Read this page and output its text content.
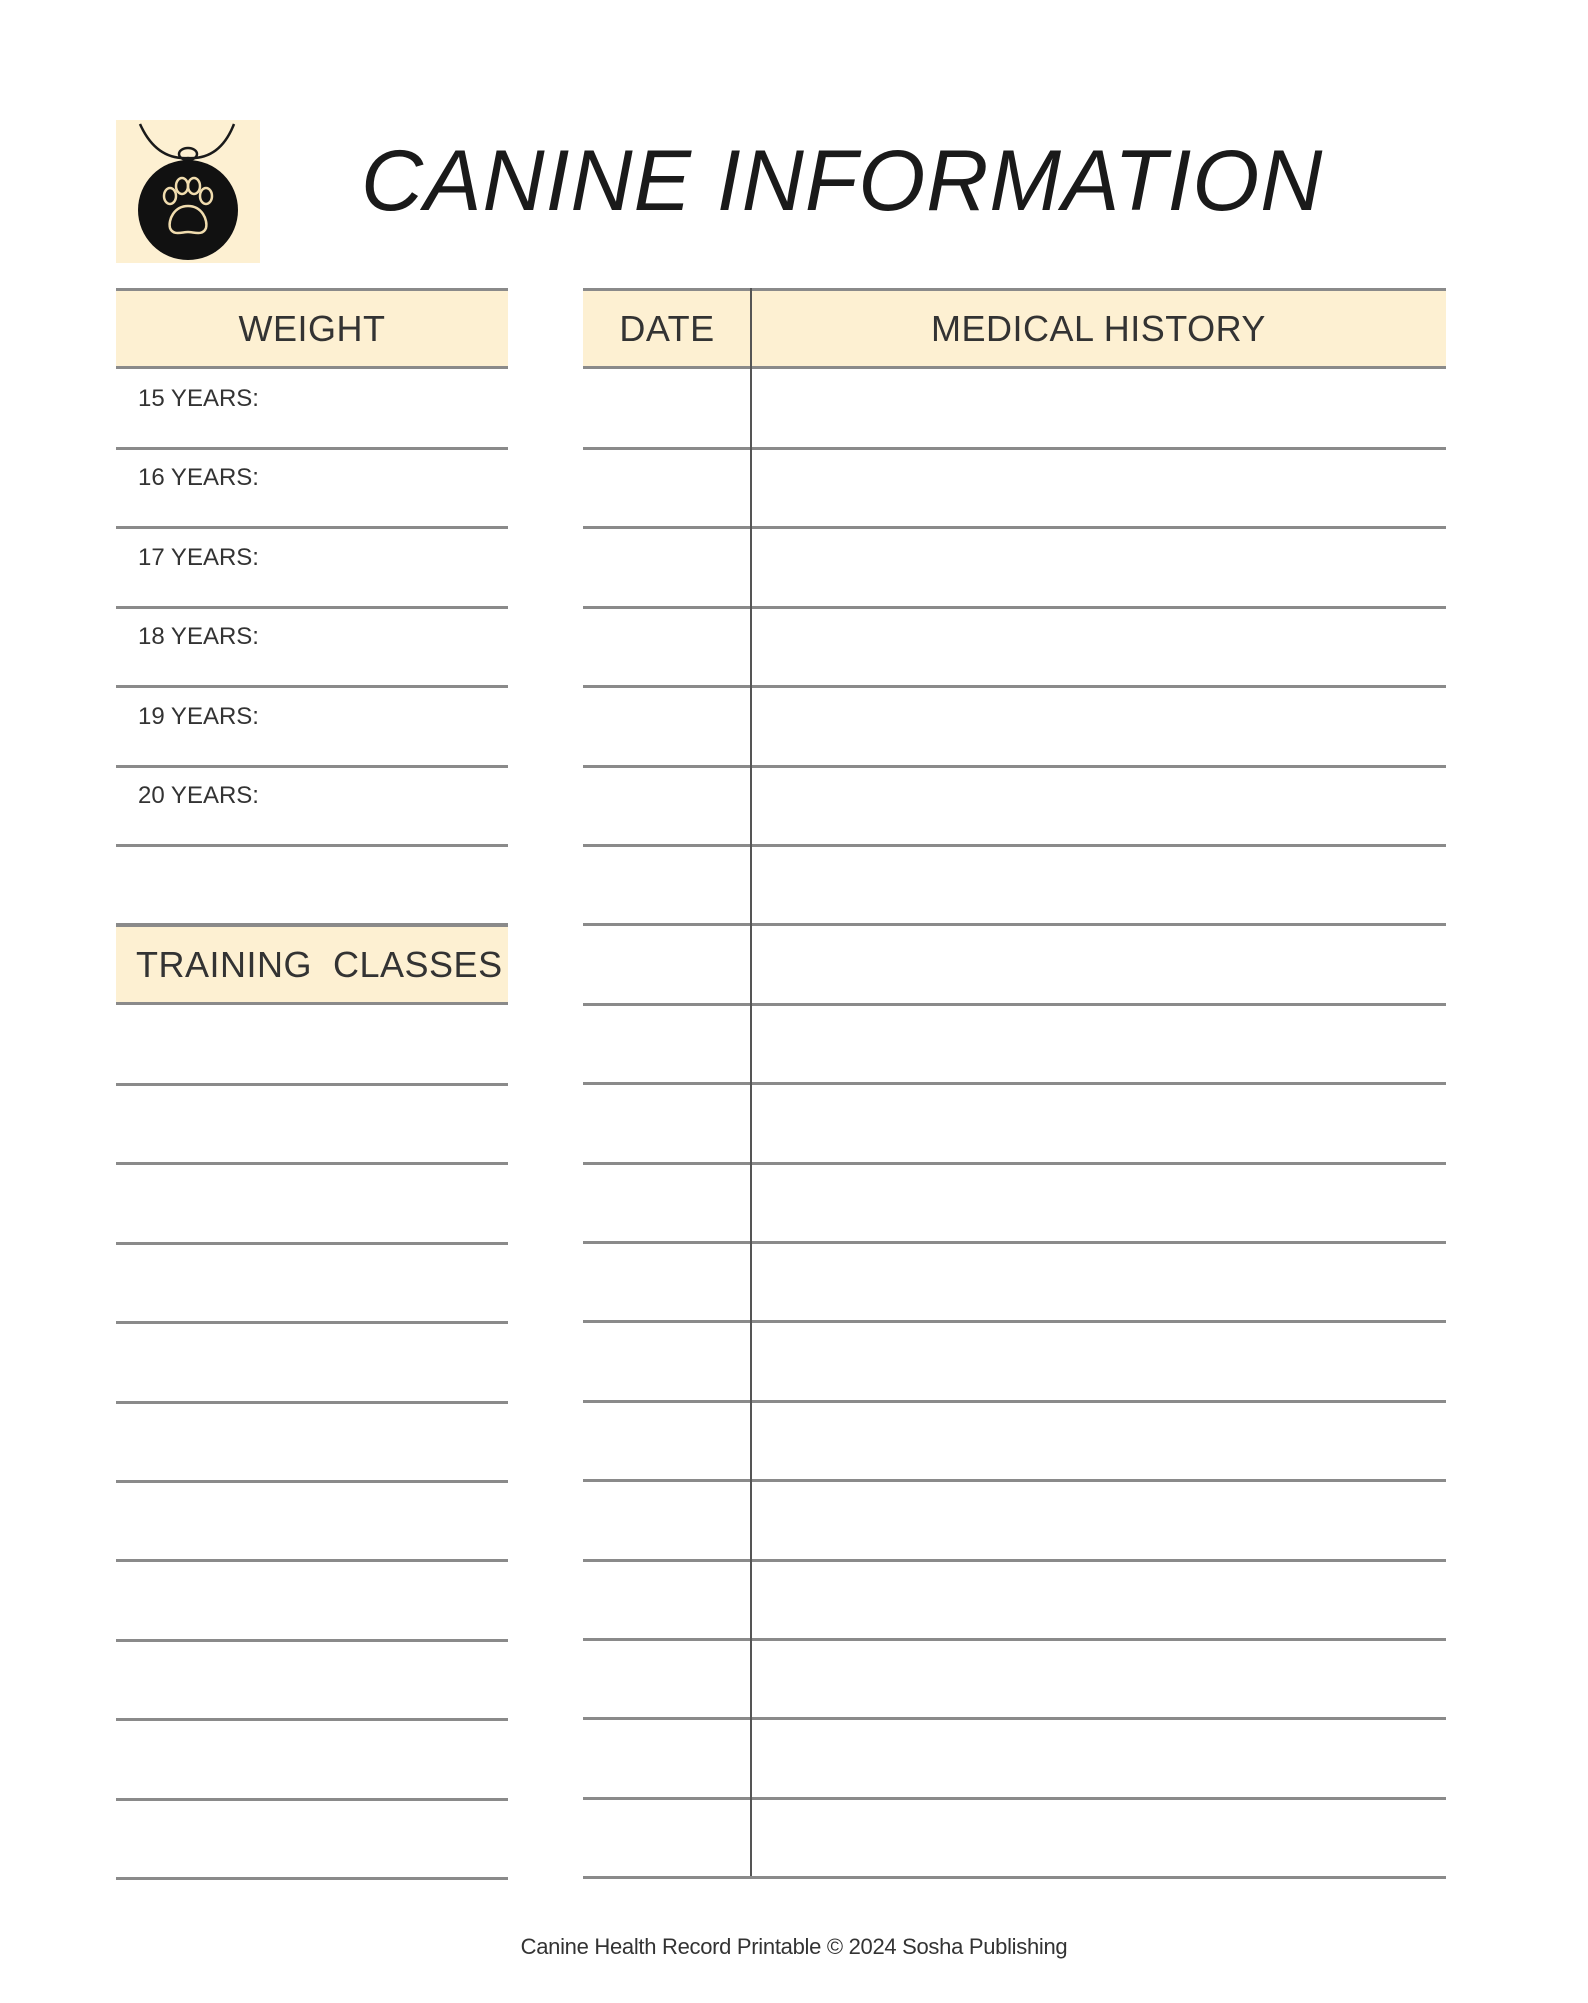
CANINE INFORMATION
WEIGHT
15 YEARS:
16 YEARS:
17 YEARS:
18 YEARS:
19 YEARS:
20 YEARS:
TRAINING  CLASSES
DATE	MEDICAL HISTORY
Canine Health Record Printable © 2024 Sosha Publishing
